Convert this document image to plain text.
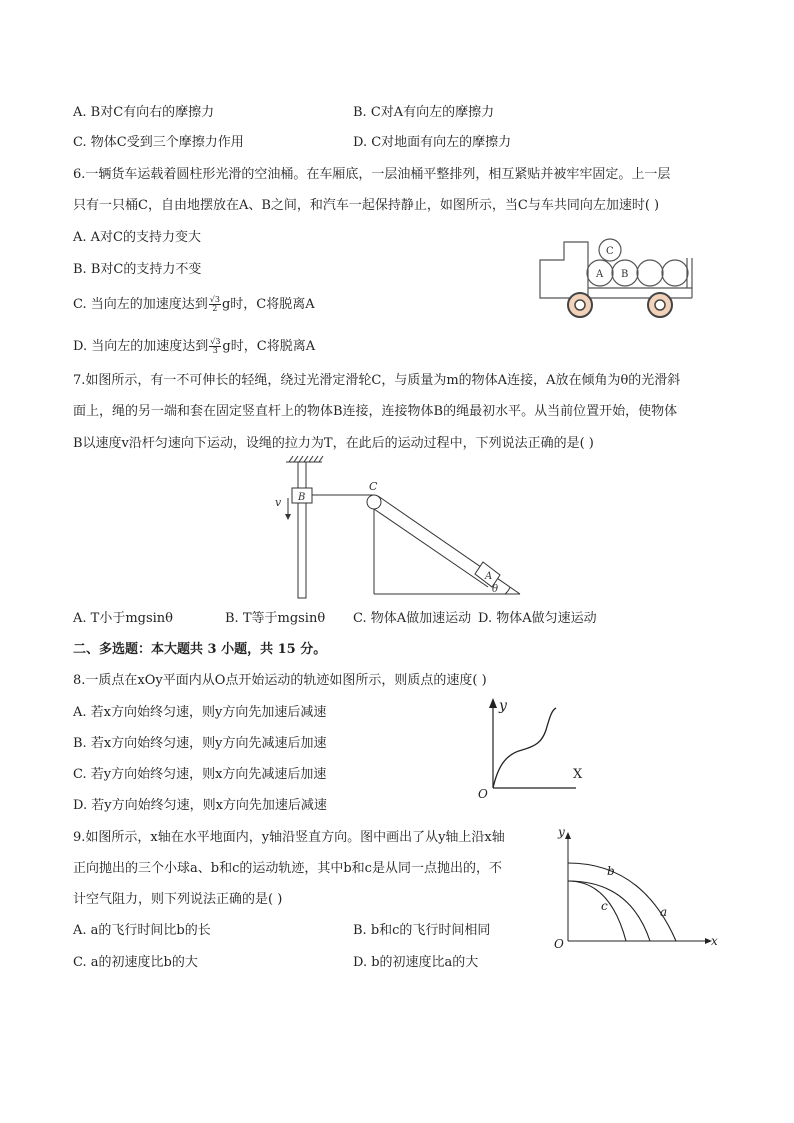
A. B对C有向右的摩擦力	B. C对A有向左的摩擦力
C. 物体C受到三个摩擦力作用	D. C对地面有向左的摩擦力
6.一辆货车运载着圆柱形光滑的空油桶。在车厢底，一层油桶平整排列，相互紧贴并被牢牢固定。上一层
只有一只桶C，自由地摆放在A、B之间，和汽车一起保持静止，如图所示，当C与车共同向左加速时( )
A. A对C的支持力变大
B. B对C的支持力不变
C. 当向左的加速度达到 $\frac{√3}{2}$ g时，C将脱离A
D. 当向左的加速度达到 $\frac{√3}{3}$ g时，C将脱离A
C
A B
7.如图所示，有一不可伸长的轻绳，绕过光滑定滑轮C，与质量为m的物体A连接，A放在倾角为θ的光滑斜
面上，绳的另一端和套在固定竖直杆上的物体B连接，连接物体B的绳最初水平。从当前位置开始，使物体
B以速度v沿杆匀速向下运动，设绳的拉力为T，在此后的运动过程中，下列说法正确的是( )
v B
C
A
θ
A. T小于mgsinθ	B. T等于mgsinθ C. 物体A做加速运动 D. 物体A做匀速运动
二、多选题：本大题共 3 小题，共 15 分。
8.一质点在xOy平面内从O点开始运动的轨迹如图所示，则质点的速度( )
A. 若x方向始终匀速，则y方向先加速后减速
B. 若x方向始终匀速，则y方向先减速后加速
C. 若y方向始终匀速，则x方向先减速后加速
D. 若y方向始终匀速，则x方向先加速后减速
y
X
O
9.如图所示，x轴在水平地面内，y轴沿竖直方向。图中画出了从y轴上沿x轴
正向抛出的三个小球a、b和c的运动轨迹，其中b和c是从同一点抛出的，不
计空气阻力，则下列说法正确的是( )
A. a的飞行时间比b的长	B. b和c的飞行时间相同
C. a的初速度比b的大	D. b的初速度比a的大
y
x
O
b
c	a
